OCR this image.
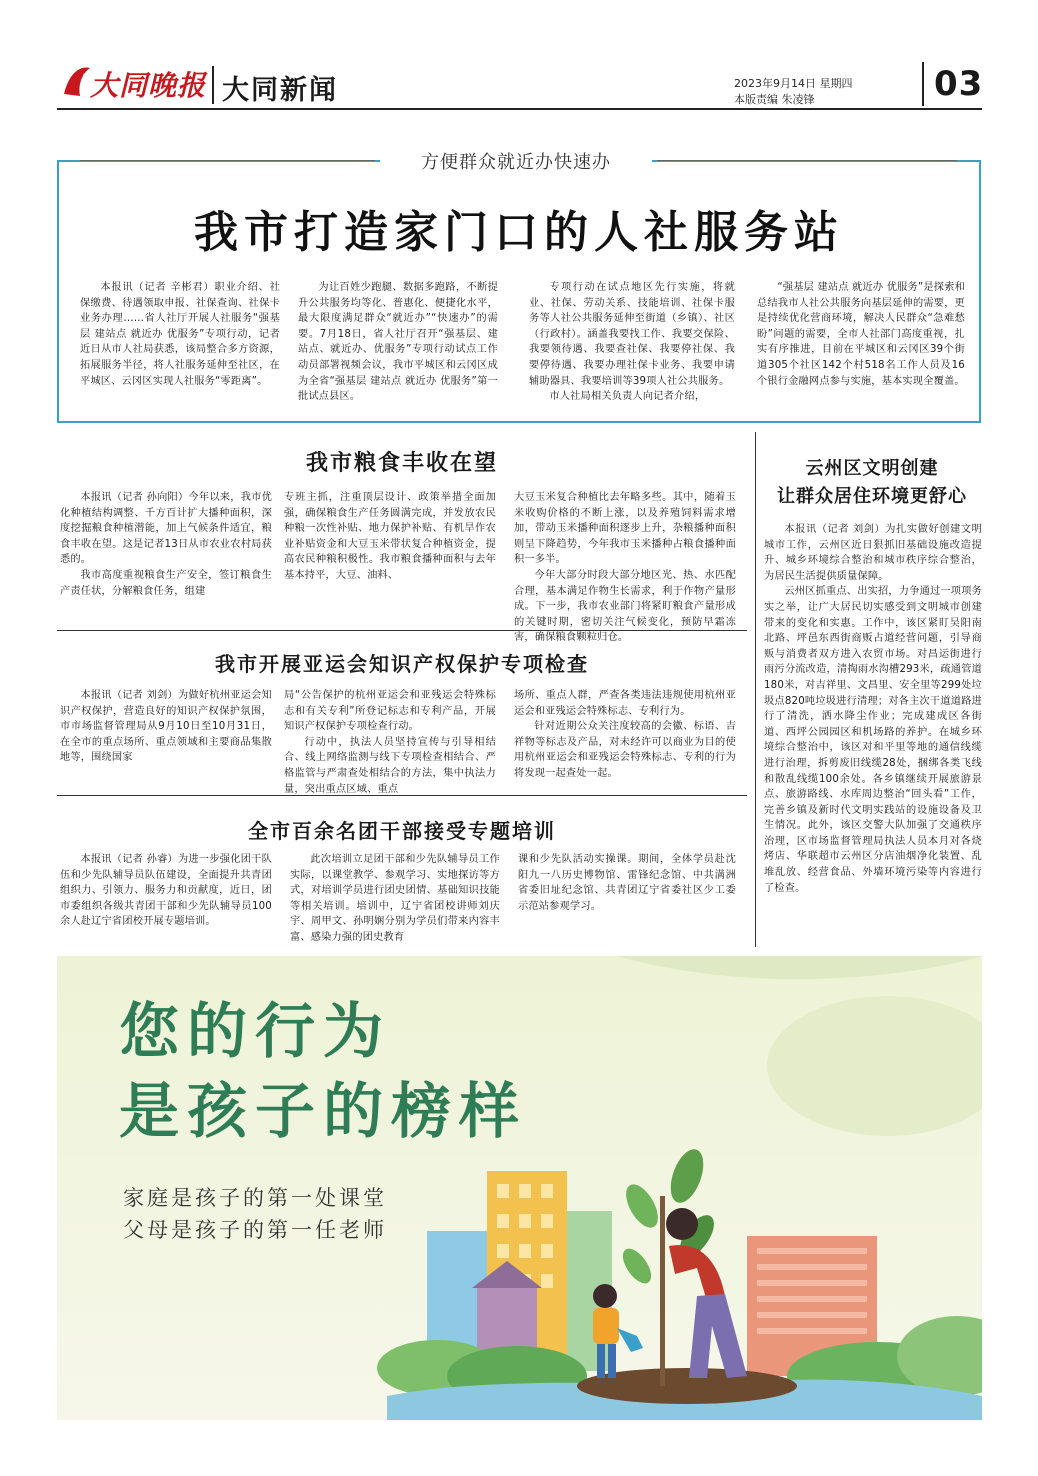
大同晚报 大同新闻	2023年9月14日 星期四
本版责编 朱凌锋	03
方便群众就近办快速办
我市打造家门口的人社服务站

本报讯（记者 辛彬君）职业介绍、社保缴费、待遇领取申报、社保查询、社保卡业务办理……省人社厅开展人社服务“强基层 建站点 就近办 优服务”专项行动，记者近日从市人社局获悉，该局整合多方资源，拓展服务半径，将人社服务延伸至社区，在平城区、云冈区实现人社服务“零距离”。

为让百姓少跑腿、数据多跑路，不断提升公共服务均等化、普惠化、便捷化水平，最大限度满足群众“就近办”“快速办”的需要。7月18日，省人社厅召开“强基层、建站点、就近办、优服务”专项行动试点工作动员部署视频会议，我市平城区和云冈区成为全省“强基层 建站点 就近办 优服务”第一批试点县区。

专项行动在试点地区先行实施，将就业、社保、劳动关系、技能培训、社保卡服务等人社公共服务延伸至街道（乡镇）、社区（行政村）。涵盖我要找工作、我要交保险、我要领待遇、我要查社保、我要停社保、我要停待遇、我要办理社保卡业务、我要申请辅助器具、我要培训等39项人社公共服务。

市人社局相关负责人向记者介绍，

“强基层 建站点 就近办 优服务”是探索和总结我市人社公共服务向基层延伸的需要，更是持续优化营商环境，解决人民群众“急难愁盼”问题的需要，全市人社部门高度重视，扎实有序推进，目前在平城区和云冈区39个街道305个社区142个村518名工作人员及16个银行金融网点参与实施，基本实现全覆盖。

我市粮食丰收在望

本报讯（记者 孙向阳）今年以来，我市优化种植结构调整、千方百计扩大播种面积，深度挖掘粮食种植潜能，加上气候条件适宜，粮食丰收在望。这是记者13日从市农业农村局获悉的。

我市高度重视粮食生产安全，签订粮食生产责任状，分解粮食任务，组建

专班主抓，注重顶层设计、政策举措全面加强，确保粮食生产任务圆满完成，并发放农民种粮一次性补贴、地力保护补贴、有机旱作农业补贴资金和大豆玉米带状复合种植资金，提高农民种粮积极性。我市粮食播种面积与去年基本持平，大豆、油料、

大豆玉米复合种植比去年略多些。其中，随着玉米收购价格的不断上涨，以及养殖饲料需求增加，带动玉米播种面积逐步上升，杂粮播种面积则呈下降趋势，今年我市玉米播种占粮食播种面积一多半。

今年大部分时段大部分地区光、热、水匹配合理，基本满足作物生长需求，利于作物产量形成。下一步，我市农业部门将紧盯粮食产量形成的关键时期，密切关注气候变化，预防早霜冻害，确保粮食颗粒归仓。

我市开展亚运会知识产权保护专项检查

本报讯（记者 刘剑）为做好杭州亚运会知识产权保护，营造良好的知识产权保护氛围，市市场监督管理局从9月10日至10月31日，在全市的重点场所、重点领域和主要商品集散地等，围绕国家

局“公告保护的杭州亚运会和亚残运会特殊标志和有关专利”所登记标志和专利产品，开展知识产权保护专项检查行动。

行动中，执法人员坚持宣传与引导相结合、线上网络监测与线下专项检查相结合、严格监管与严肃查处相结合的方法，集中执法力量，突出重点区域、重点

场所、重点人群，严查各类违法违规使用杭州亚运会和亚残运会特殊标志、专利行为。

针对近期公众关注度较高的会徽、标语、吉祥物等标志及产品，对未经许可以商业为目的使用杭州亚运会和亚残运会特殊标志、专利的行为将发现一起查处一起。

全市百余名团干部接受专题培训

本报讯（记者 孙睿）为进一步强化团干队伍和少先队辅导员队伍建设，全面提升共青团组织力、引领力、服务力和贡献度，近日，团市委组织各级共青团干部和少先队辅导员100余人赴辽宁省团校开展专题培训。

此次培训立足团干部和少先队辅导员工作实际，以课堂教学、参观学习、实地探访等方式，对培训学员进行团史团情、基础知识技能等相关培训。培训中，辽宁省团校讲师刘庆宇、周甲文、孙明娴分别为学员们带来内容丰富、感染力强的团史教育

课和少先队活动实操课。期间，全体学员赴沈阳九一八历史博物馆、雷锋纪念馆、中共满洲省委旧址纪念馆、共青团辽宁省委社区少工委示范站参观学习。

云州区文明创建
让群众居住环境更舒心

本报讯（记者 刘剑）为扎实做好创建文明城市工作，云州区近日狠抓旧基础设施改造提升、城乡环境综合整治和城市秩序综合整治，为居民生活提供质量保障。

云州区抓重点、出实招，力争通过一项项务实之举，让广大居民切实感受到文明城市创建带来的变化和实惠。工作中，该区紧盯吴阳南北路、坪邑东西街商贩占道经营问题，引导商贩与消费者双方进入农贸市场。对昌运街进行雨污分流改造，清掏雨水沟槽293米，疏通管道180米，对吉祥里、文昌里、安全里等299处垃圾点820吨垃圾进行清理；对各主次干道道路进行了清洗，洒水降尘作业；完成建成区各街道、西坪公园园区和机场路的养护。在城乡环境综合整治中，该区对和平里等地的通信线缆进行治理，拆剪废旧线缆28处，捆绑各类飞线和散乱线缆100余处。各乡镇继续开展旅游景点、旅游路线、水库周边整治“回头看”工作，完善乡镇及新时代文明实践站的设施设备及卫生情况。此外，该区交警大队加强了交通秩序治理，区市场监督管理局执法人员本月对各烧烤店、华联超市云州区分店油烟净化装置、乱堆乱放、经营食品、外墙环境污染等内容进行了检查。

您的行为
是孩子的榜样
家庭是孩子的第一处课堂
父母是孩子的第一任老师
